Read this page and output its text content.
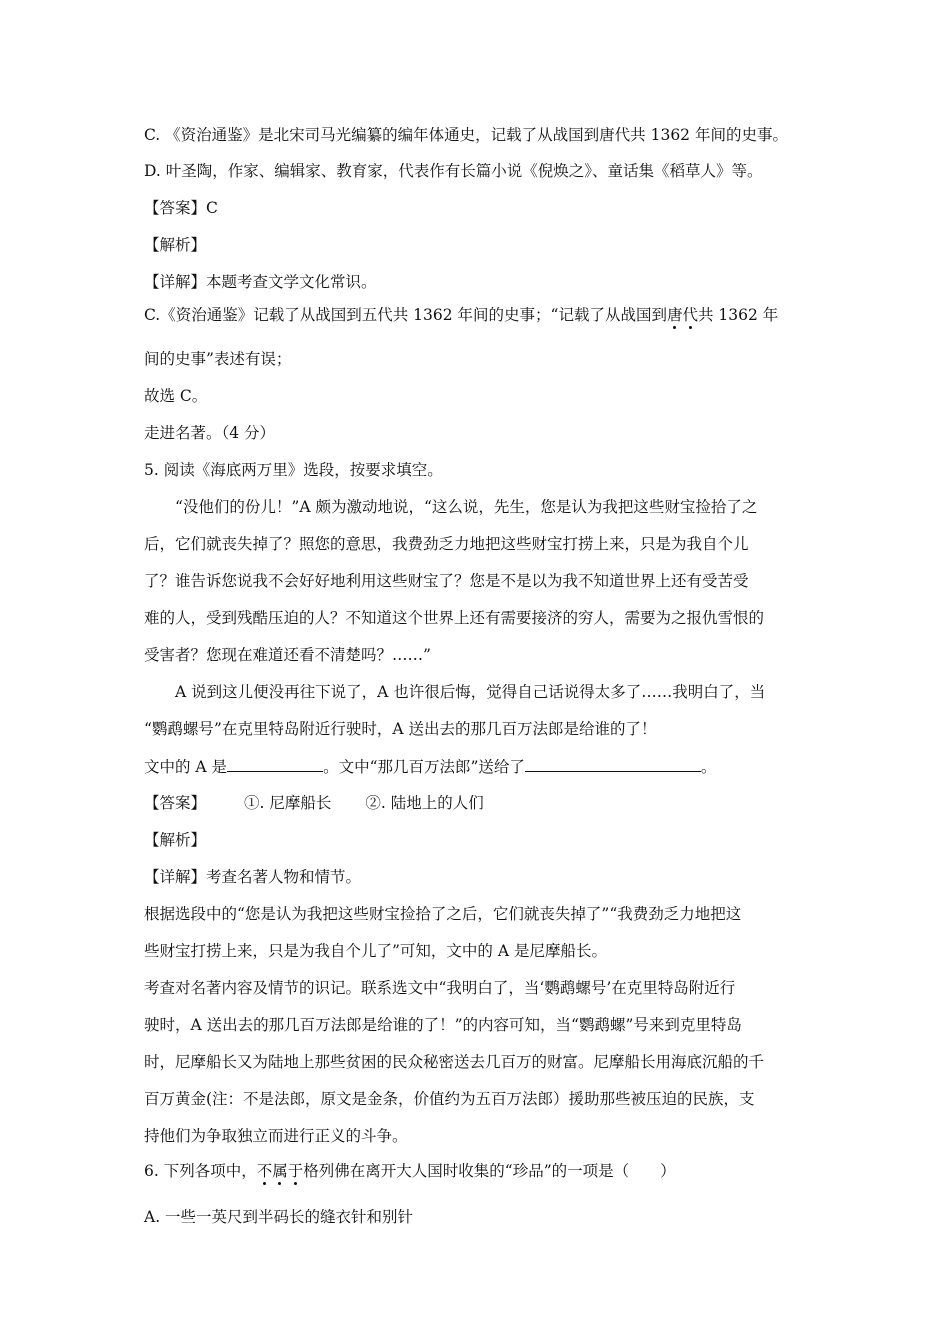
C. 《资治通鉴》是北宋司马光编纂的编年体通史，记载了从战国到唐代共 1362 年间的史事。
D. 叶圣陶，作家、编辑家、教育家，代表作有长篇小说《倪焕之》、童话集《稻草人》等。
【答案】C
【解析】
【详解】本题考查文学文化常识。
C.《资治通鉴》记载了从战国到五代共 1362 年间的史事；“记载了从战国到唐代共 1362 年
间的史事”表述有误；
故选 C。
走进名著。（4 分）
5. 阅读《海底两万里》选段，按要求填空。
“没他们的份儿！”A 颇为激动地说，“这么说，先生，您是认为我把这些财宝捡拾了之
后，它们就丧失掉了？照您的意思，我费劲乏力地把这些财宝打捞上来，只是为我自个儿
了？谁告诉您说我不会好好地利用这些财宝了？您是不是以为我不知道世界上还有受苦受
难的人，受到残酷压迫的人？不知道这个世界上还有需要接济的穷人，需要为之报仇雪恨的
受害者？您现在难道还看不清楚吗？……”
A 说到这儿便没再往下说了，A 也许很后悔，觉得自己话说得太多了……我明白了，当
“鹦鹉螺号”在克里特岛附近行驶时，A 送出去的那几百万法郎是给谁的了！
文中的 A 是	。文中“那几百万法郎”送给了	。
【答案】 ①. 尼摩船长 ②. 陆地上的人们
【解析】
【详解】考查名著人物和情节。
根据选段中的“您是认为我把这些财宝捡拾了之后，它们就丧失掉了”“我费劲乏力地把这
些财宝打捞上来，只是为我自个儿了”可知，文中的 A 是尼摩船长。
考查对名著内容及情节的识记。联系选文中“我明白了，当‘鹦鹉螺号’在克里特岛附近行
驶时，A 送出去的那几百万法郎是给谁的了！”的内容可知，当“鹦鹉螺”号来到克里特岛
时，尼摩船长又为陆地上那些贫困的民众秘密送去几百万的财富。尼摩船长用海底沉船的千
百万黄金(注：不是法郎，原文是金条，价值约为五百万法郎）援助那些被压迫的民族，支
持他们为争取独立而进行正义的斗争。
6. 下列各项中，不属于格列佛在离开大人国时收集的“珍品”的一项是（　　）
A. 一些一英尺到半码长的缝衣针和别针
